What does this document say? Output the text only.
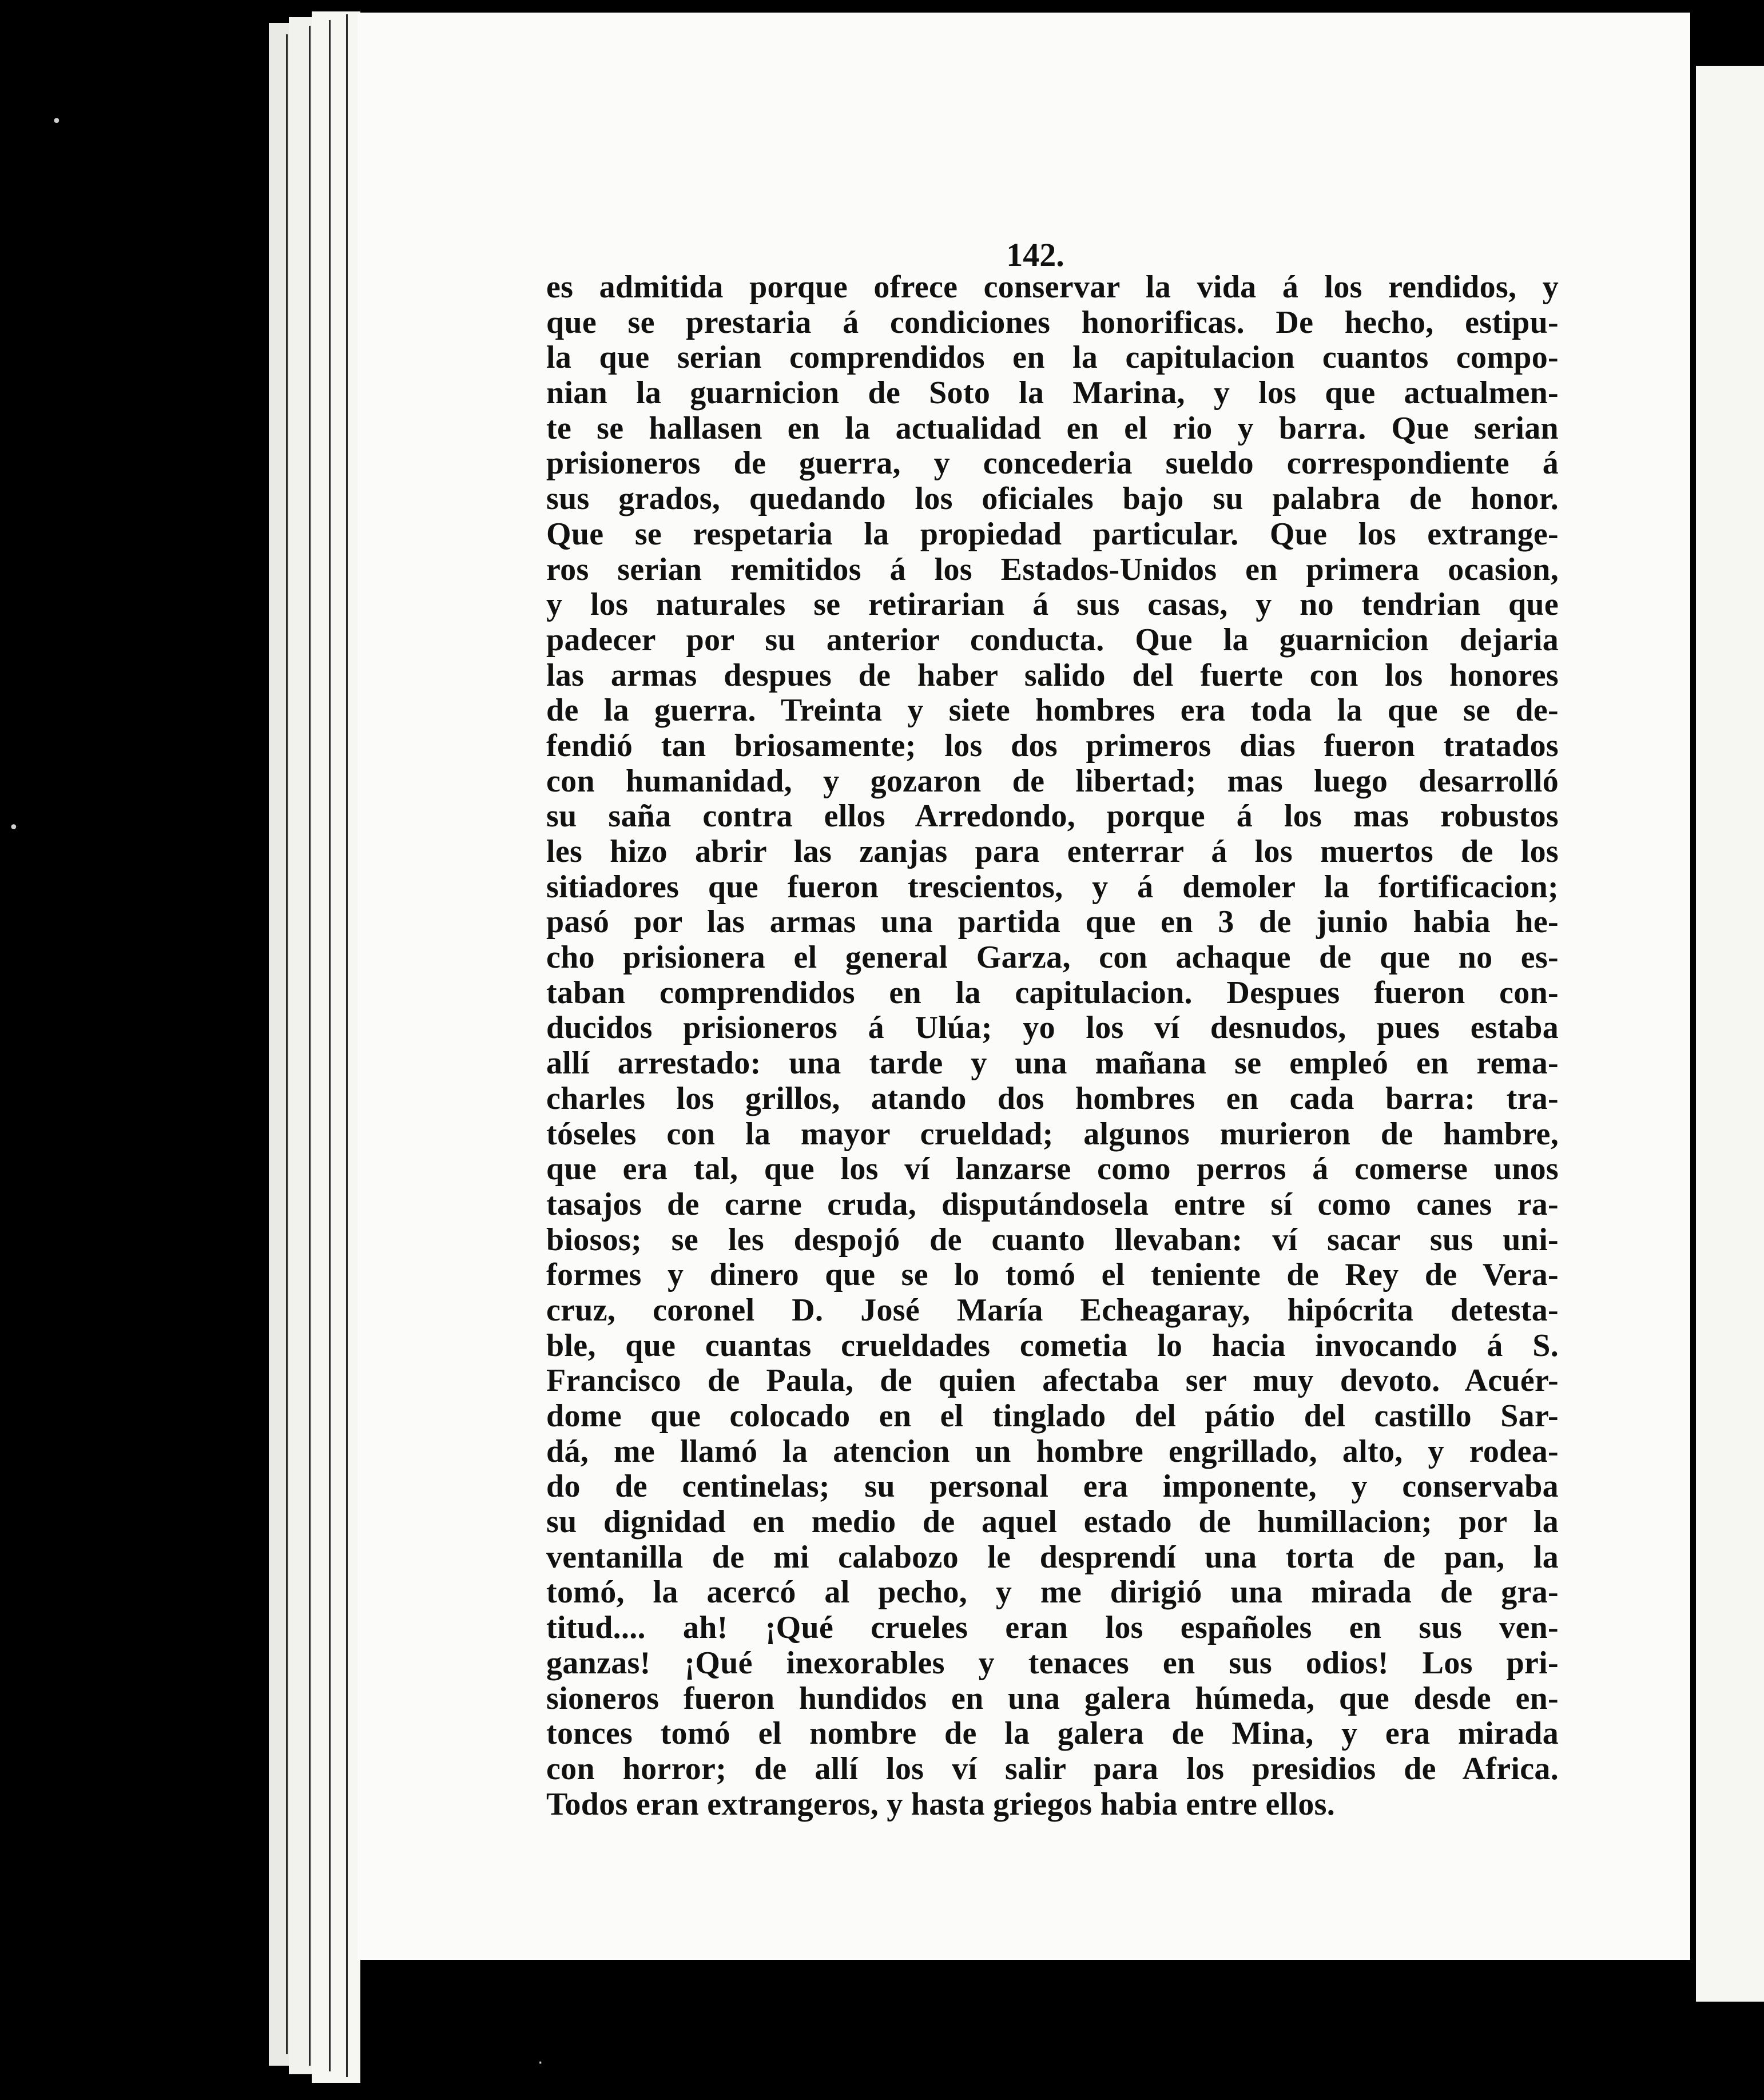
•
•
·
142.
es admitida porque ofrece conservar la vida á los rendidos, y
que se prestaria á condiciones honorificas. De hecho, estipu-
la que serian comprendidos en la capitulacion cuantos compo-
nian la guarnicion de Soto la Marina, y los que actualmen-
te se hallasen en la actualidad en el rio y barra. Que serian
prisioneros de guerra, y concederia sueldo correspondiente á
sus grados, quedando los oficiales bajo su palabra de honor.
Que se respetaria la propiedad particular. Que los extrange-
ros serian remitidos á los Estados-Unidos en primera ocasion,
y los naturales se retirarian á sus casas, y no tendrian que
padecer por su anterior conducta. Que la guarnicion dejaria
las armas despues de haber salido del fuerte con los honores
de la guerra. Treinta y siete hombres era toda la que se de-
fendió tan briosamente; los dos primeros dias fueron tratados
con humanidad, y gozaron de libertad; mas luego desarrolló
su saña contra ellos Arredondo, porque á los mas robustos
les hizo abrir las zanjas para enterrar á los muertos de los
sitiadores que fueron trescientos, y á demoler la fortificacion;
pasó por las armas una partida que en 3 de junio habia he-
cho prisionera el general Garza, con achaque de que no es-
taban comprendidos en la capitulacion. Despues fueron con-
ducidos prisioneros á Ulúa; yo los ví desnudos, pues estaba
allí arrestado: una tarde y una mañana se empleó en rema-
charles los grillos, atando dos hombres en cada barra: tra-
tóseles con la mayor crueldad; algunos murieron de hambre,
que era tal, que los ví lanzarse como perros á comerse unos
tasajos de carne cruda, disputándosela entre sí como canes ra-
biosos; se les despojó de cuanto llevaban: ví sacar sus uni-
formes y dinero que se lo tomó el teniente de Rey de Vera-
cruz, coronel D. José María Echeagaray, hipócrita detesta-
ble, que cuantas crueldades cometia lo hacia invocando á S.
Francisco de Paula, de quien afectaba ser muy devoto. Acuér-
dome que colocado en el tinglado del pátio del castillo Sar-
dá, me llamó la atencion un hombre engrillado, alto, y rodea-
do de centinelas; su personal era imponente, y conservaba
su dignidad en medio de aquel estado de humillacion; por la
ventanilla de mi calabozo le desprendí una torta de pan, la
tomó, la acercó al pecho, y me dirigió una mirada de gra-
titud.... ah! ¡Qué crueles eran los españoles en sus ven-
ganzas! ¡Qué inexorables y tenaces en sus odios! Los pri-
sioneros fueron hundidos en una galera húmeda, que desde en-
tonces tomó el nombre de la galera de Mina, y era mirada
con horror; de allí los ví salir para los presidios de Africa.
Todos eran extrangeros, y hasta griegos habia entre ellos.
